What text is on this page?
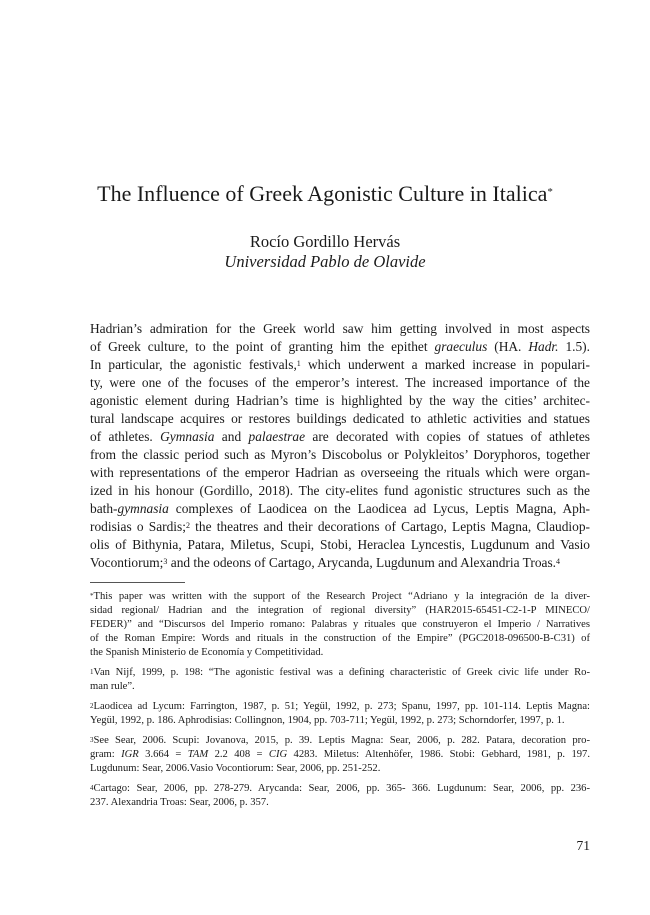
The Influence of Greek Agonistic Culture in Italica*
Rocío Gordillo Hervás
Universidad Pablo de Olavide

Hadrian’s admiration for the Greek world saw him getting involved in most aspects
of Greek culture, to the point of granting him the epithet graeculus (HA. Hadr. 1.5).
In particular, the agonistic festivals,$^1$ which underwent a marked increase in populari-
ty, were one of the focuses of the emperor’s interest. The increased importance of the
agonistic element during Hadrian’s time is highlighted by the way the cities’ architec-
tural landscape acquires or restores buildings dedicated to athletic activities and statues
of athletes. Gymnasia and palaestrae are decorated with copies of statues of athletes
from the classic period such as Myron’s Discobolus or Polykleitos’ Doryphoros, together
with representations of the emperor Hadrian as overseeing the rituals which were organ-
ized in his honour (Gordillo, 2018). The city-elites fund agonistic structures such as the
bath-gymnasia complexes of Laodicea on the Laodicea ad Lycus, Leptis Magna, Aph-
rodisias o Sardis;$^2$ the theatres and their decorations of Cartago, Leptis Magna, Claudiop-
olis of Bithynia, Patara, Miletus, Scupi, Stobi, Heraclea Lyncestis, Lugdunum and Vasio
Vocontiorum;$^3$ and the odeons of Cartago, Arycanda, Lugdunum and Alexandria Troas.$^4$

*This paper was written with the support of the Research Project “Adriano y la integración de la diver-
sidad regional/ Hadrian and the integration of regional diversity” (HAR2015-65451-C2-1-P MINECO/
FEDER)” and “Discursos del Imperio romano: Palabras y rituales que construyeron el Imperio / Narratives
of the Roman Empire: Words and rituals in the construction of the Empire” (PGC2018-096500-B-C31) of
the Spanish Ministerio de Economía y Competitividad.

$^1$Van Nijf, 1999, p. 198: “The agonistic festival was a defining characteristic of Greek civic life under Ro-
man rule”.

$^2$Laodicea ad Lycum: Farrington, 1987, p. 51; Yegül, 1992, p. 273; Spanu, 1997, pp. 101-114. Leptis Magna:
Yegül, 1992, p. 186. Aphrodisias: Collingnon, 1904, pp. 703-711; Yegül, 1992, p. 273; Schorndorfer, 1997, p. 1.

$^3$See Sear, 2006. Scupi: Jovanova, 2015, p. 39. Leptis Magna: Sear, 2006, p. 282. Patara, decoration pro-
gram: IGR 3.664 = TAM 2.2 408 = CIG 4283. Miletus: Altenhöfer, 1986. Stobi: Gebhard, 1981, p. 197.
Lugdunum: Sear, 2006.Vasio Vocontiorum: Sear, 2006, pp. 251-252.

$^4$Cartago: Sear, 2006, pp. 278-279. Arycanda: Sear, 2006, pp. 365- 366. Lugdunum: Sear, 2006, pp. 236-
237. Alexandria Troas: Sear, 2006, p. 357.

71
